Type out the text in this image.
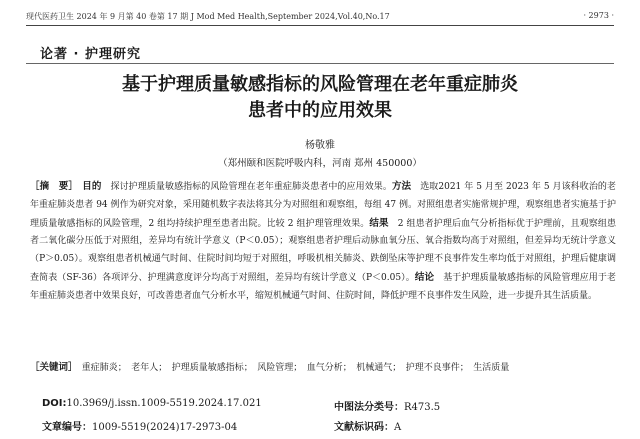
现代医药卫生 2024 年 9 月第 40 卷第 17 期 J Mod Med Health,September 2024,Vol.40,No.17	· 2973 ·
论著 · 护理研究
基于护理质量敏感指标的风险管理在老年重症肺炎
患者中的应用效果
杨敬雅
（郑州颐和医院呼吸内科，河南 郑州 450000）

［摘　要］　 目的　 探讨护理质量敏感指标的风险管理在老年重症肺炎患者中的应用效果。方法　 选取2021 年 5 月至 2023 年 5 月该科收治的老年重症肺炎患者 94 例作为研究对象，采用随机数字表法将其分为对照组和观察组，每组 47 例。对照组患者实施常规护理，观察组患者实施基于护理质量敏感指标的风险管理，2 组均持续护理至患者出院。比较 2 组护理管理效果。结果　 2 组患者护理后血气分析指标优于护理前，且观察组患者二氧化碳分压低于对照组，差异均有统计学意义（P＜0.05）；观察组患者护理后动脉血氧分压、氧合指数均高于对照组，但差异均无统计学意义（P＞0.05）。观察组患者机械通气时间、住院时间均短于对照组，呼吸机相关肺炎、跌倒坠床等护理不良事件发生率均低于对照组，护理后健康调查简表（SF-36）各项评分、护理满意度评分均高于对照组，差异均有统计学意义（P＜0.05）。结论　 基于护理质量敏感指标的风险管理应用于老年重症肺炎患者中效果良好，可改善患者血气分析水平，缩短机械通气时间、住院时间，降低护理不良事件发生风险，进一步提升其生活质量。

［关键词］　 重症肺炎；　老年人；　护理质量敏感指标；　风险管理；　血气分析；　机械通气；　护理不良事件；　生活质量

DOI:10.3969/j.issn.1009-5519.2024.17.021	中图法分类号：R473.5
文章编号：1009-5519(2024)17-2973-04	文献标识码：A
